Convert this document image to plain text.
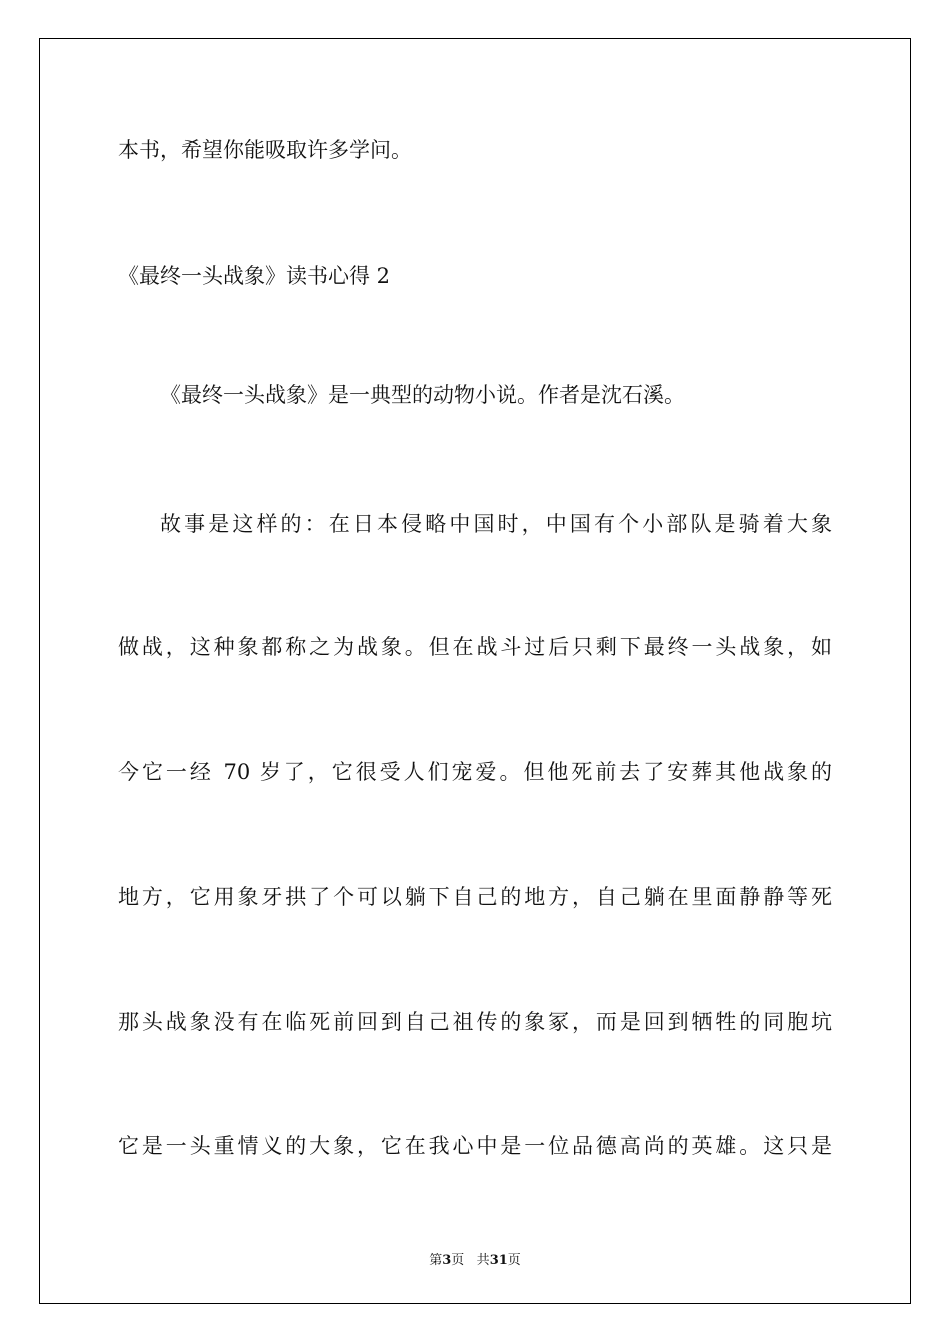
本书，希望你能吸取许多学问。
《最终一头战象》读书心得 2
《最终一头战象》是一典型的动物小说。作者是沈石溪。
故事是这样的：在日本侵略中国时，中国有个小部队是骑着大象
做战，这种象都称之为战象。但在战斗过后只剩下最终一头战象，如
今它一经 70 岁了，它很受人们宠爱。但他死前去了安葬其他战象的
地方，它用象牙拱了个可以躺下自己的地方，自己躺在里面静静等死
那头战象没有在临死前回到自己祖传的象冢，而是回到牺牲的同胞坑
它是一头重情义的大象，它在我心中是一位品德高尚的英雄。这只是
第3页 共31页
